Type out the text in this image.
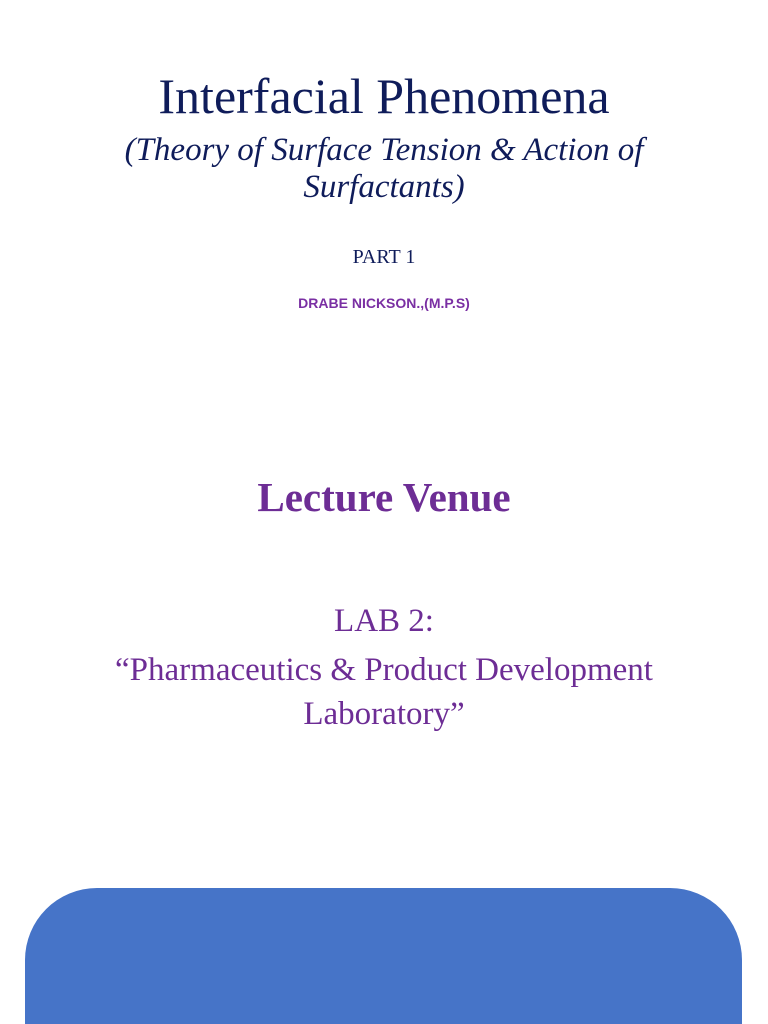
Interfacial Phenomena

(Theory of Surface Tension & Action of Surfactants)

PART 1
DRABE NICKSON.,(M.P.S)
Lecture Venue
LAB 2:
“Pharmaceutics & Product Development Laboratory”
